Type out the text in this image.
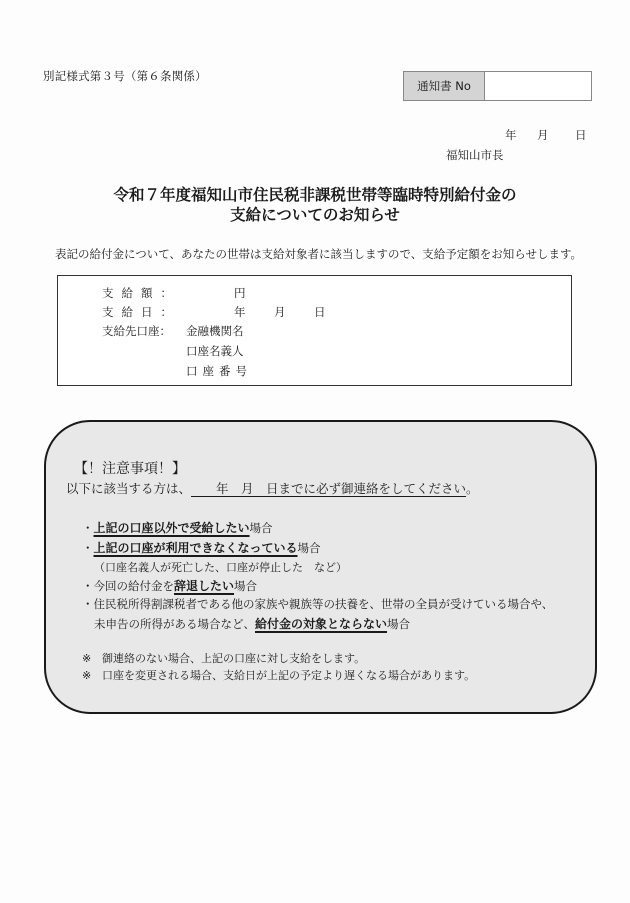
別記様式第３号（第６条関係）
通知書 No
年	月	日
福知山市長
令和７年度福知山市住民税非課税世帯等臨時特別給付金の
支給についてのお知らせ
表記の給付金について、あなたの世帯は支給対象者に該当しますので、支給予定額をお知らせします。
支給額：	円
支給日：	年	月	日
支給先口座：	金融機関名
口座名義人
口座番号
【！注意事項！】
以下に該当する方は、　　年　月　日までに必ず御連絡をしてください。
・上記の口座以外で受給したい場合
・上記の口座が利用できなくなっている場合
（口座名義人が死亡した、口座が停止した　など）
・今回の給付金を辞退したい場合
・住民税所得割課税者である他の家族や親族等の扶養を、世帯の全員が受けている場合や、
未申告の所得がある場合など、給付金の対象とならない場合
※ 御連絡のない場合、上記の口座に対し支給をします。
※ 口座を変更される場合、支給日が上記の予定より遅くなる場合があります。
